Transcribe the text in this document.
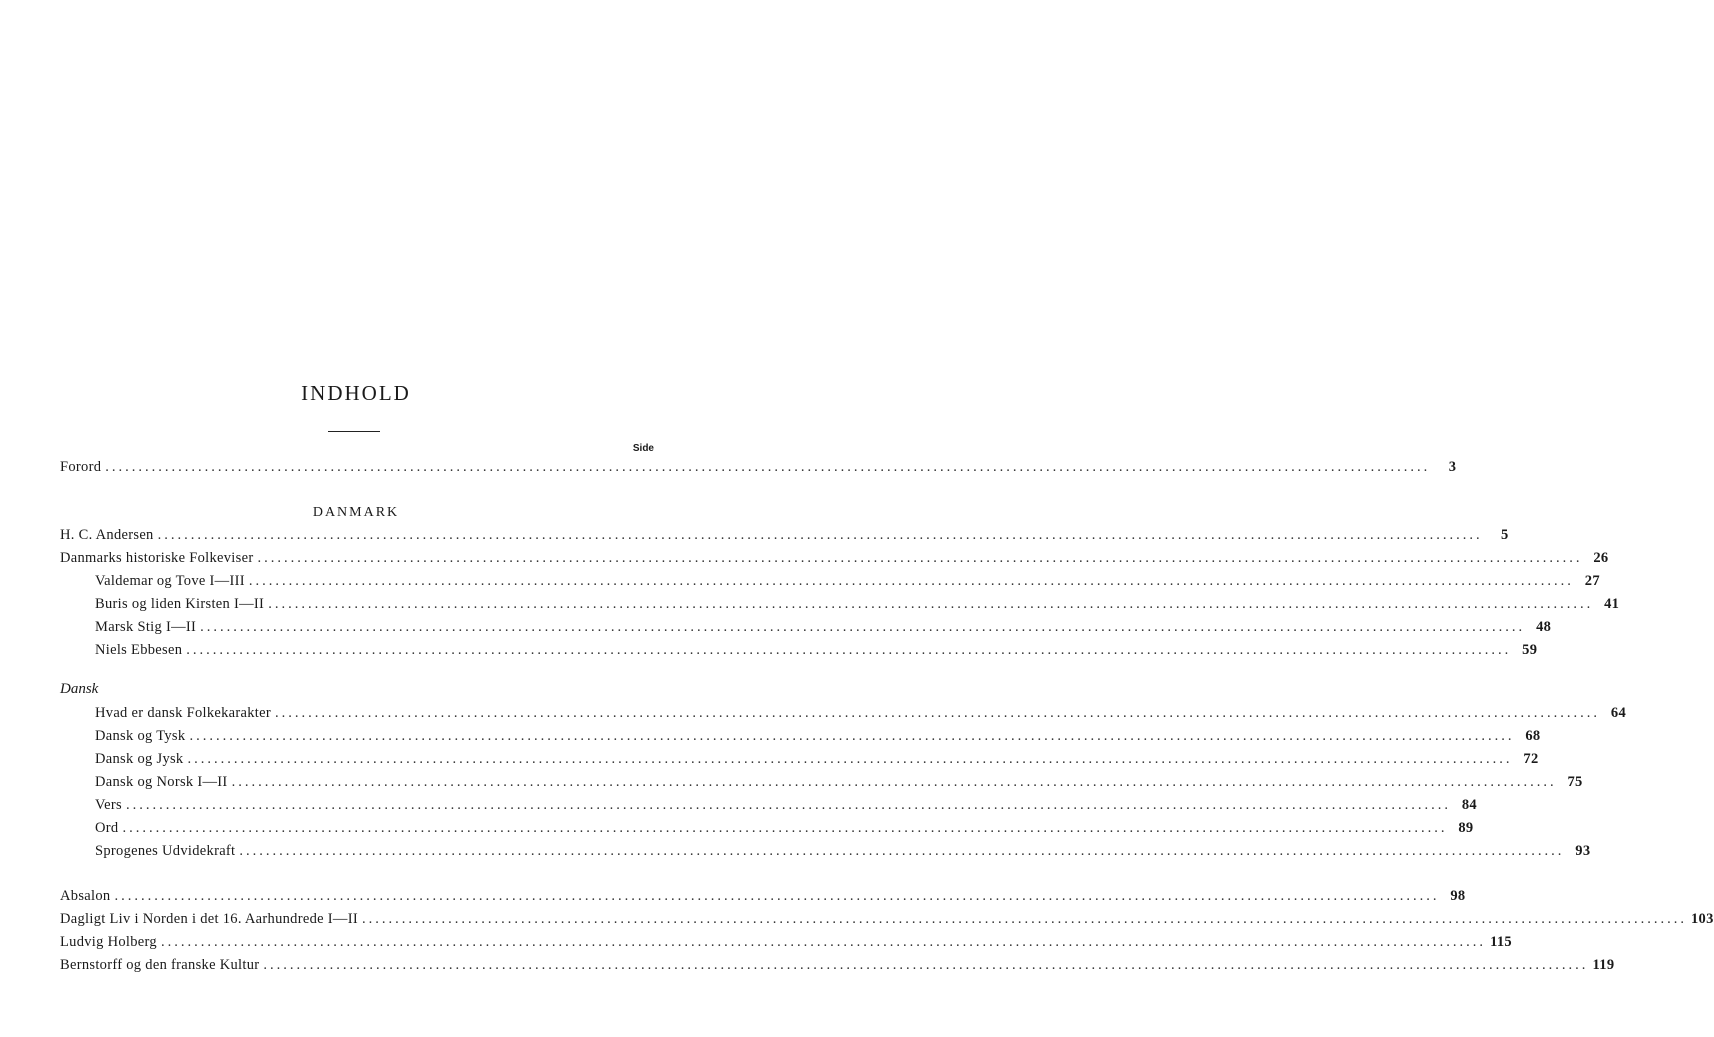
INDHOLD
Side
Forord ........................................................................................................................................................................................................	3
DANMARK
H. C. Andersen ........................................................................................................................................................................................................	5
Danmarks historiske Folkeviser ........................................................................................................................................................................................................ 26
Valdemar og Tove I—III ........................................................................................................................................................................................................ 27
Buris og liden Kirsten I—II ........................................................................................................................................................................................................ 41
Marsk Stig I—II ........................................................................................................................................................................................................ 48
Niels Ebbesen ........................................................................................................................................................................................................ 59
Dansk
Hvad er dansk Folkekarakter ........................................................................................................................................................................................................ 64
Dansk og Tysk ........................................................................................................................................................................................................ 68
Dansk og Jysk ........................................................................................................................................................................................................ 72
Dansk og Norsk I—II ........................................................................................................................................................................................................ 75
Vers ........................................................................................................................................................................................................ 84
Ord ........................................................................................................................................................................................................ 89
Sprogenes Udvidekraft ........................................................................................................................................................................................................ 93
Absalon ........................................................................................................................................................................................................ 98
Dagligt Liv i Norden i det 16. Aarhundrede I—II ........................................................................................................................................................................................................ 103
Ludvig Holberg ........................................................................................................................................................................................................ 115
Bernstorff og den franske Kultur ........................................................................................................................................................................................................ 119
